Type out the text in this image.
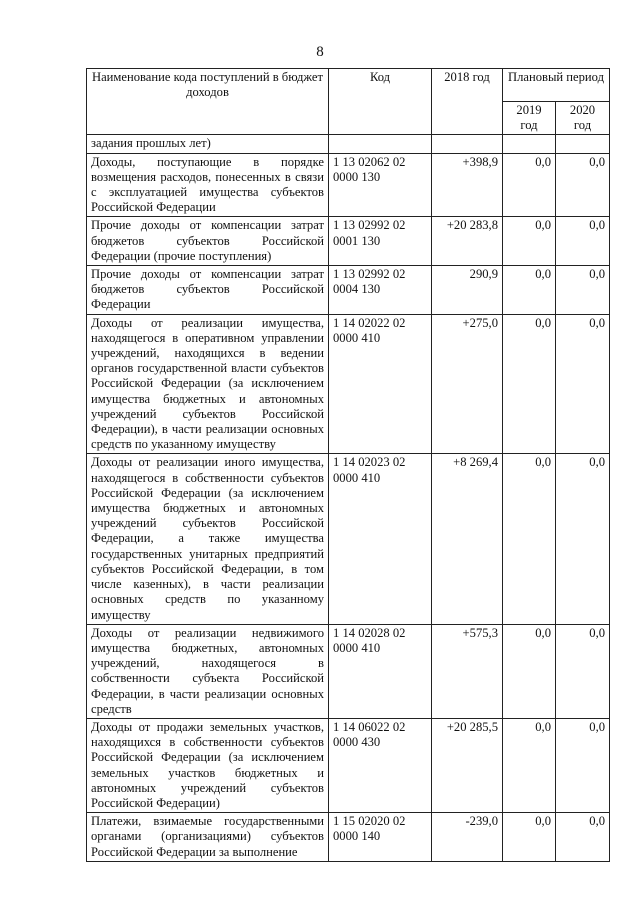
8
Наименование кода поступлений в бюджет доходов	Код	2018 год	Плановый период	
			2019 год	2020 год
задания прошлых лет)				
Доходы, поступающие в порядке возмещения расходов, понесенных в связи с эксплуатацией имущества субъектов Российской Федерации	1 13 02062 02 0000 130	+398,9	0,0	0,0
Прочие доходы от компенсации затрат бюджетов субъектов Российской Федерации (прочие поступления)	1 13 02992 02 0001 130	+20 283,8	0,0	0,0
Прочие доходы от компенсации затрат бюджетов субъектов Российской Федерации	1 13 02992 02 0004 130	290,9	0,0	0,0
Доходы от реализации имущества, находящегося в оперативном управлении учреждений, находящихся в ведении органов государственной власти субъектов Российской Федерации (за исключением имущества бюджетных и автономных учреждений субъектов Российской Федерации), в части реализации основных средств по указанному имуществу	1 14 02022 02 0000 410	+275,0	0,0	0,0
Доходы от реализации иного имущества, находящегося в собственности субъектов Российской Федерации (за исключением имущества бюджетных и автономных учреждений субъектов Российской Федерации, а также имущества государственных унитарных предприятий субъектов Российской Федерации, в том числе казенных), в части реализации основных средств по указанному имуществу	1 14 02023 02 0000 410	+8 269,4	0,0	0,0
Доходы от реализации недвижимого имущества бюджетных, автономных учреждений, находящегося в собственности субъекта Российской Федерации, в части реализации основных средств	1 14 02028 02 0000 410	+575,3	0,0	0,0
Доходы от продажи земельных участков, находящихся в собственности субъектов Российской Федерации (за исключением земельных участков бюджетных и автономных учреждений субъектов Российской Федерации)	1 14 06022 02 0000 430	+20 285,5	0,0	0,0
Платежи, взимаемые государственными органами (организациями) субъектов Российской Федерации за выполнение	1 15 02020 02 0000 140	-239,0	0,0	0,0
